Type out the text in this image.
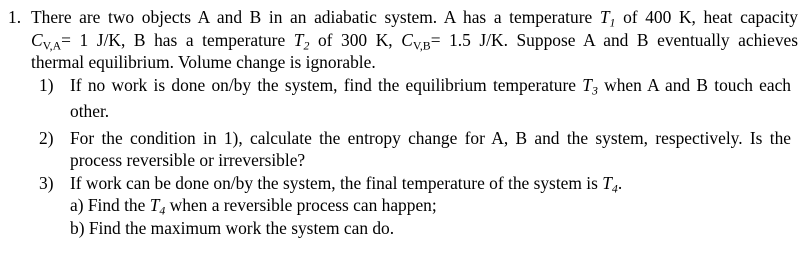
1. There are two objects A and B in an adiabatic system. A has a temperature $T_1$ of 400 K, heat capacity
$C_{V,A}= 1$ J/K, B has a temperature $T_2$ of 300 K, $C_{V,B}= 1.5$ J/K. Suppose A and B eventually achieves
thermal equilibrium. Volume change is ignorable.
1) If no work is done on/by the system, find the equilibrium temperature $T_3$ when A and B touch each
other.
2) For the condition in 1), calculate the entropy change for A, B and the system, respectively. Is the
process reversible or irreversible?
3) If work can be done on/by the system, the final temperature of the system is $T_4$.
a) Find the $T_4$ when a reversible process can happen;
b) Find the maximum work the system can do.
